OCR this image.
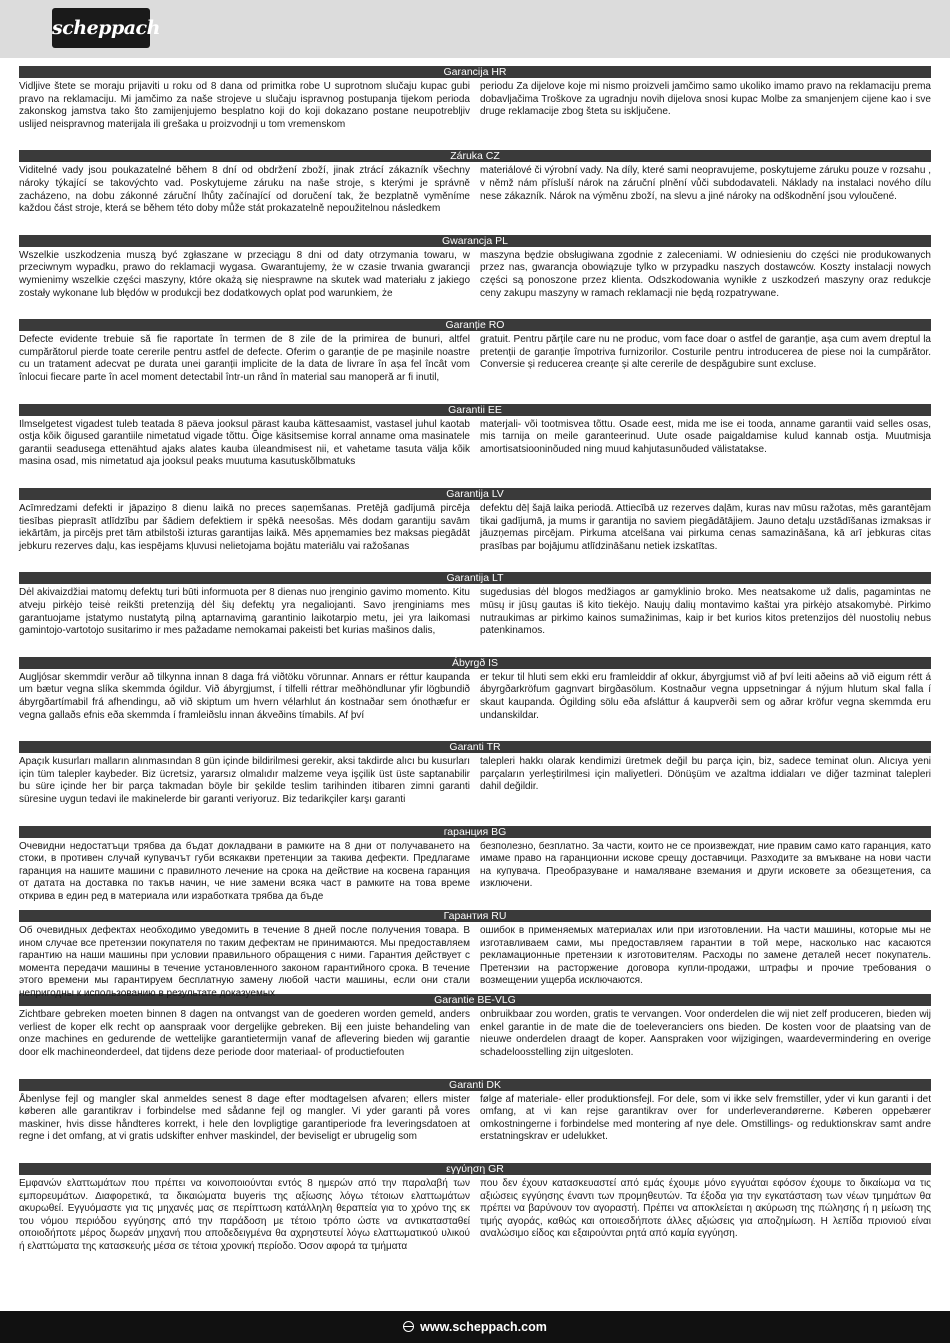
scheppach
Garancija HR
Vidljive štete se moraju prijaviti u roku od 8 dana od primitka robe U suprotnom slučaju kupac gubi pravo na reklamaciju. Mi jamčimo za naše strojeve u slučaju ispravnog postupanja tijekom perioda zakonskog jamstva tako što zamijenjujemo besplatno koji do koji dokazano postane neupotrebljiv uslijed neispravnog materijala ili grešaka u proizvodnji u tom vremenskom
periodu Za dijelove koje mi nismo proizveli jamčimo samo ukoliko imamo pravo na reklamaciju prema dobavljačima Troškove za ugradnju novih dijelova snosi kupac Molbe za smanjenjem cijene kao i sve druge reklamacije zbog šteta su isključene.
Záruka CZ
Viditelné vady jsou poukazatelné během 8 dní od obdržení zboží, jinak ztrácí zákazník všechny nároky týkající se takovýchto vad. Poskytujeme záruku na naše stroje, s kterými je správně zacházeno, na dobu zákonné záruční lhůty začínající od doručení tak, že bezplatně vyměníme každou část stroje, která se během této doby může stát prokazatelně nepoužitelnou následkem
materiálové či výrobní vady. Na díly, které sami neopravujeme, poskytujeme záruku pouze v rozsahu , v němž nám přísluší nárok na záruční plnění vůči subdodavateli. Náklady na instalaci nového dílu nese zákazník. Nárok na výměnu zboží, na slevu a jiné nároky na odškodnění jsou vyloučené.
Gwarancja PL
Wszelkie uszkodzenia muszą być zgłaszane w przeciągu 8 dni od daty otrzymania towaru, w przeciwnym wypadku, prawo do reklamacji wygasa. Gwarantujemy, że w czasie trwania gwarancji wymienimy wszelkie części maszyny, które okażą się niesprawne na skutek wad materiału z jakiego zostały wykonane lub błędów w produkcji bez dodatkowych oplat pod warunkiem, że
maszyna będzie obsługiwana zgodnie z zaleceniami. W odniesieniu do części nie produkowanych przez nas, gwarancja obowiązuje tylko w przypadku naszych dostawców. Koszty instalacji nowych części są ponoszone przez klienta. Odszkodowania wynikłe z uszkodzeń maszyny oraz redukcje ceny zakupu maszyny w ramach reklamacji nie będą rozpatrywane.
Garanție RO
Defecte evidente trebuie să fie raportate în termen de 8 zile de la primirea de bunuri, altfel cumpărătorul pierde toate cererile pentru astfel de defecte. Oferim o garanție de pe mașinile noastre cu un tratament adecvat pe durata unei garanții implicite de la data de livrare în așa fel încât vom înlocui fiecare parte în acel moment detectabil într-un rând în material sau manoperă ar fi inutil,
gratuit. Pentru părțile care nu ne produc, vom face doar o astfel de garanție, așa cum avem dreptul la pretenții de garanție împotriva furnizorilor. Costurile pentru introducerea de piese noi la cumpărător. Conversie și reducerea creanțe și alte cererile de despăgubire sunt excluse.
Garantii EE
Ilmselgetest vigadest tuleb teatada 8 päeva jooksul pärast kauba kättesaamist, vastasel juhul kaotab ostja kõik õigused garantiile nimetatud vigade tõttu. Õige käsitsemise korral anname oma masinatele garantii seadusega ettenähtud ajaks alates kauba üleandmisest nii, et vahetame tasuta välja kõik masina osad, mis nimetatud aja jooksul peaks muutuma kasutuskõlbmatuks
materjali- või tootmisvea tõttu. Osade eest, mida me ise ei tooda, anname garantii vaid selles osas, mis tarnija on meile garanteerinud. Uute osade paigaldamise kulud kannab ostja. Muutmisja amortisatsiooninõuded ning muud kahjutasunõuded välistatakse.
Garantija LV
Acīmredzami defekti ir jāpaziņo 8 dienu laikā no preces saņemšanas. Pretējā gadījumā pircēja tiesības pieprasīt atlīdzību par šādiem defektiem ir spēkā neesošas. Mēs dodam garantiju savām iekārtām, ja pircējs pret tām atbilstoši izturas garantijas laikā. Mēs apņemamies bez maksas piegādāt jebkuru rezerves daļu, kas iespējams kļuvusi nelietojama bojātu materiālu vai ražošanas
defektu dēļ šajā laika periodā. Attiecībā uz rezerves daļām, kuras nav mūsu ražotas, mēs garantējam tikai gadījumā, ja mums ir garantija no saviem piegādātājiem. Jauno detaļu uzstādīšanas izmaksas ir jāuzņemas pircējam. Pirkuma atcelšana vai pirkuma cenas samazināšana, kā arī jebkuras citas prasības par bojājumu atlīdzināšanu netiek izskatītas.
Garantija LT
Dėl akivaizdžiai matomų defektų turi būti informuota per 8 dienas nuo įrenginio gavimo momento. Kitu atveju pirkėjo teisė reikšti pretenziją dėl šių defektų yra negaliojanti. Savo įrenginiams mes garantuojame įstatymo nustatytą pilną aptarnavimą garantinio laikotarpio metu, jei yra laikomasi gamintojo-vartotojo susitarimo ir mes pažadame nemokamai pakeisti bet kurias mašinos dalis,
sugedusias dėl blogos medžiagos ar gamyklinio broko. Mes neatsakome už dalis, pagamintas ne mūsų ir jūsų gautas iš kito tiekėjo. Naujų dalių montavimo kaštai yra pirkėjo atsakomybė. Pirkimo nutraukimas ar pirkimo kainos sumažinimas, kaip ir bet kurios kitos pretenzijos dėl nuostolių nebus patenkinamos.
Ábyrgð IS
Augljósar skemmdir verður að tilkynna innan 8 daga frá viðtöku vörunnar. Annars er réttur kaupanda um bætur vegna slíka skemmda ógildur. Við ábyrgjumst, í tilfelli réttrar meðhöndlunar yfir lögbundið ábyrgðartímabil frá afhendingu, að við skiptum um hvern vélarhlut án kostnaðar sem ónothæfur er vegna gallaðs efnis eða skemmda í framleiðslu innan ákveðins tímabils. Af því
er tekur til hluti sem ekki eru framleiddir af okkur, ábyrgjumst við af því leiti aðeins að við eigum rétt á ábyrgðarkröfum gagnvart birgðasölum. Kostnaður vegna uppsetningar á nýjum hlutum skal falla í skaut kaupanda. Ógilding sölu eða afsláttur á kaupverði sem og aðrar kröfur vegna skemmda eru undanskildar.
Garanti TR
Apaçık kusurları malların alınmasından 8 gün içinde bildirilmesi gerekir, aksi takdirde alıcı bu kusurları için tüm talepler kaybeder. Biz ücretsiz, yararsız olmalıdır malzeme veya işçilik üst üste saptanabilir bu süre içinde her bir parça takmadan böyle bir şekilde teslim tarihinden itibaren zimni garanti süresine uygun tedavi ile makinelerde bir garanti veriyoruz. Biz tedarikçiler karşı garanti
talepleri hakkı olarak kendimizi üretmek değil bu parça için, biz, sadece teminat olun. Alıcıya yeni parçaların yerleştirilmesi için maliyetleri. Dönüşüm ve azaltma iddiaları ve diğer tazminat talepleri dahil değildir.
гаранция BG
Очевидни недостатъци трябва да бъдат докладвани в рамките на 8 дни от получаването на стоки, в противен случай купувачът губи всякакви претенции за такива дефекти. Предлагаме гаранция на нашите машини с правилното лечение на срока на действие на косвена гаранция от датата на доставка по такъв начин, че ние замени всяка част в рамките на това време открива в един ред в материала или изработката трябва да бъде
безполезно, безплатно. За части, които не се произвеждат, ние правим само като гаранция, като имаме право на гаранционни искове срещу доставчици. Разходите за вмъкване на нови части на купувача. Преобразуване и намаляване вземания и други исковете за обезщетения, са изключени.
Гарантия RU
Об очевидных дефектах необходимо уведомить в течение 8 дней после получения товара. В ином случае все претензии покупателя по таким дефектам не принимаются. Мы предоставляем гарантию на наши машины при условии правильного обращения с ними. Гарантия действует с момента передачи машины в течение установленного законом гарантийного срока. В течение этого времени мы гарантируем бесплатную замену любой части машины, если они стали непригодны к использованию в результате доказуемых
ошибок в применяемых материалах или при изготовлении. На части машины, которые мы не изготавливаем сами, мы предоставляем гарантии в той мере, насколько нас касаются рекламационные претензии к изготовителям. Расходы по замене деталей несет покупатель. Претензии на расторжение договора купли-продажи, штрафы и прочие требования о возмещении ущерба исключаются.
Garantie BE-VLG
Zichtbare gebreken moeten binnen 8 dagen na ontvangst van de goederen worden gemeld, anders verliest de koper elk recht op aanspraak voor dergelijke gebreken. Bij een juiste behandeling van onze machines en gedurende de wettelijke garantietermijn vanaf de aflevering bieden wij garantie door elk machineonderdeel, dat tijdens deze periode door materiaal- of productiefouten
onbruikbaar zou worden, gratis te vervangen. Voor onderdelen die wij niet zelf produceren, bieden wij enkel garantie in de mate die de toeleveranciers ons bieden. De kosten voor de plaatsing van de nieuwe onderdelen draagt de koper. Aanspraken voor wijzigingen, waardevermindering en overige schadeloosstelling zijn uitgesloten.
Garanti DK
Åbenlyse fejl og mangler skal anmeldes senest 8 dage efter modtagelsen afvaren; ellers mister køberen alle garantikrav i forbindelse med sådanne fejl og mangler. Vi yder garanti på vores maskiner, hvis disse håndteres korrekt, i hele den lovpligtige garantiperiode fra leveringsdatoen at regne i det omfang, at vi gratis udskifter enhver maskindel, der beviseligt er ubrugelig som
følge af materiale- eller produktionsfejl. For dele, som vi ikke selv fremstiller, yder vi kun garanti i det omfang, at vi kan rejse garantikrav over for underleverandørerne. Køberen oppebærer omkostningerne i forbindelse med montering af nye dele. Omstillings- og reduktionskrav samt andre erstatningskrav er udelukket.
εγγύηση GR
Εμφανών ελαττωμάτων που πρέπει να κοινοποιούνται εντός 8 ημερών από την παραλαβή των εμπορευμάτων. Διαφορετικά, τα δικαιώματα buyeris της αξίωσης λόγω τέτοιων ελαττωμάτων ακυρωθεί. Εγγυόμαστε για τις μηχανές μας σε περίπτωση κατάλληλη θεραπεία για το χρόνο της εκ του νόμου περιόδου εγγύησης από την παράδοση με τέτοιο τρόπο ώστε να αντικατασταθεί οποιοδήποτε μέρος δωρεάν μηχανή που αποδεδειγμένα θα αχρηστευτεί λόγω ελαττωματικού υλικού ή ελαττώματα της κατασκευής μέσα σε τέτοια χρονική περίοδο. Όσον αφορά τα τμήματα
που δεν έχουν κατασκευαστεί από εμάς έχουμε μόνο εγγυάται εφόσον έχουμε το δικαίωμα να τις αξιώσεις εγγύησης έναντι των προμηθευτών. Τα έξοδα για την εγκατάσταση των νέων τμημάτων θα πρέπει να βαρύνουν τον αγοραστή. Πρέπει να αποκλείεται η ακύρωση της πώλησης ή η μείωση της τιμής αγοράς, καθώς και οποιεσδήποτε άλλες αξιώσεις για αποζημίωση. Η λεπίδα πριονιού είναι αναλώσιμο είδος και εξαιρούνται ρητά από καμία εγγύηση.
www.scheppach.com
